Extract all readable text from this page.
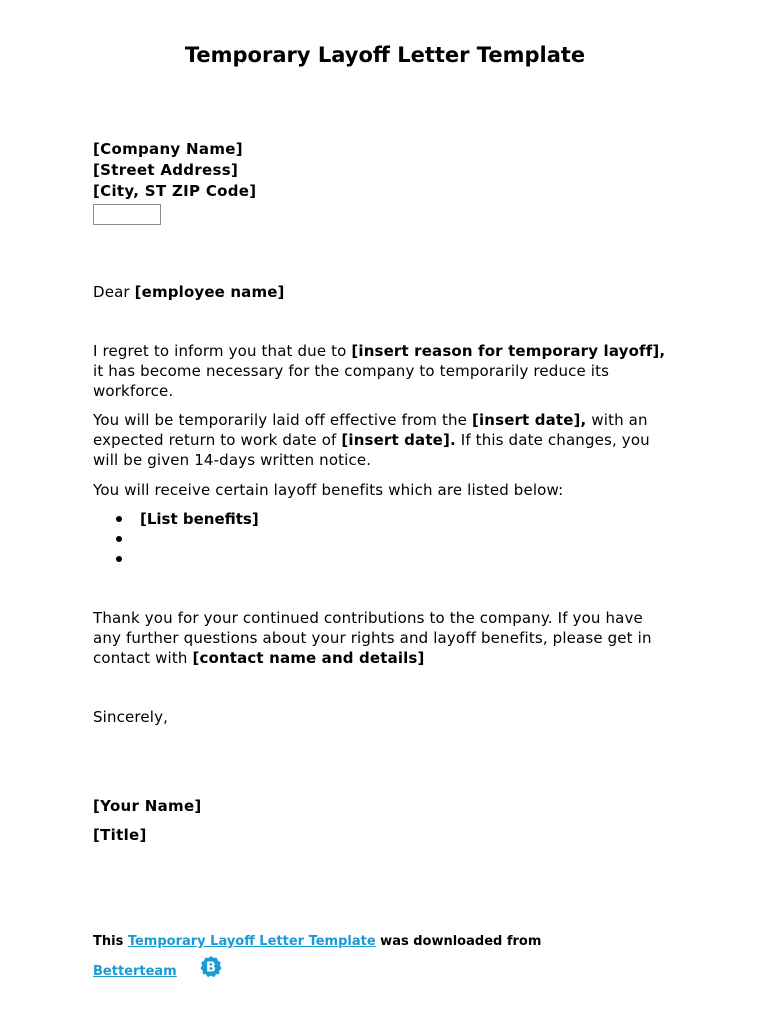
Temporary Layoff Letter Template
[Company Name]
[Street Address]
[City, ST ZIP Code]
Dear [employee name]
I regret to inform you that due to [insert reason for temporary layoff], it has become necessary for the company to temporarily reduce its workforce.
You will be temporarily laid off effective from the [insert date], with an expected return to work date of [insert date]. If this date changes, you will be given 14-days written notice.
You will receive certain layoff benefits which are listed below:
[List benefits]
Thank you for your continued contributions to the company. If you have any further questions about your rights and layoff benefits, please get in contact with [contact name and details]
Sincerely,
[Your Name]
[Title]
This Temporary Layoff Letter Template was downloaded from
Betterteam B
